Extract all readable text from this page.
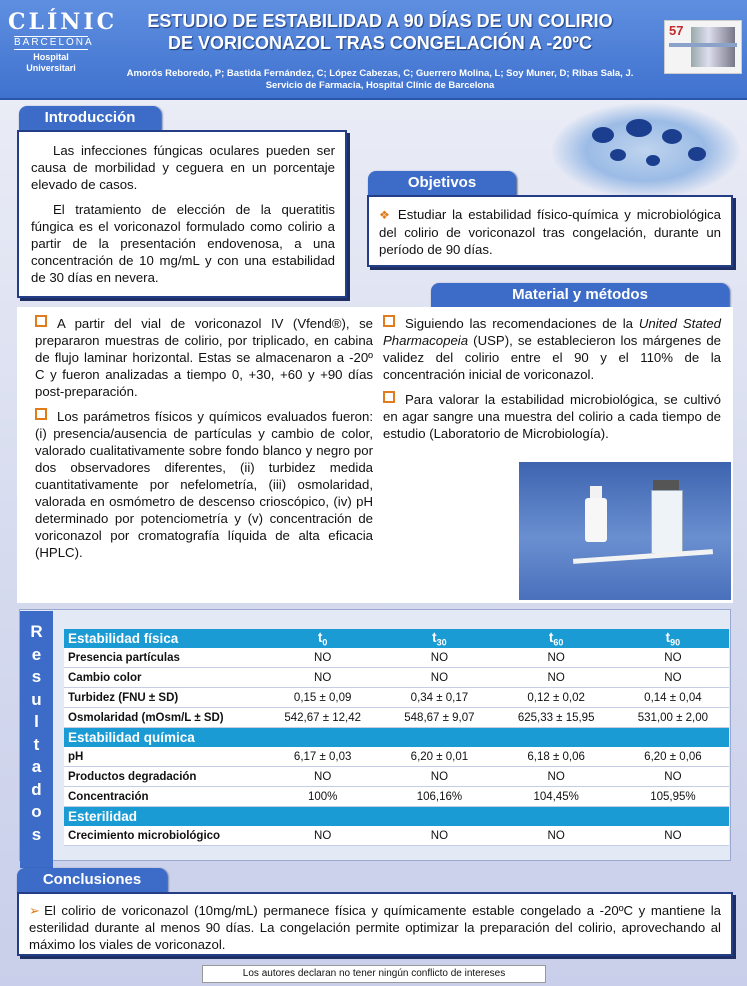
CLÍNIC
BARCELONA
Hospital Universitari
ESTUDIO DE ESTABILIDAD A 90 DÍAS DE UN COLIRIO
DE VORICONAZOL TRAS CONGELACIÓN A -20ºC
Amorós Reboredo, P; Bastida Fernández, C; López Cabezas, C; Guerrero Molina, L; Soy Muner, D; Ribas Sala, J.
Servicio de Farmacia, Hospital Clínic de Barcelona
57
Introducción

Las infecciones fúngicas oculares pueden ser causa de morbilidad y ceguera en un porcentaje elevado de casos.

El tratamiento de elección de la queratitis fúngica es el voriconazol formulado como colirio a partir de la presentación endovenosa, a una concentración de 10 mg/mL y con una estabilidad de 30 días en nevera.

Objetivos
❖ Estudiar la estabilidad físico-química y microbiológica del colirio de voriconazol tras congelación, durante un período de 90 días.
Material y métodos

A partir del vial de voriconazol IV (Vfend®), se prepararon muestras de colirio, por triplicado, en cabina de flujo laminar horizontal. Estas se almacenaron a -20º C y fueron analizadas a tiempo 0, +30, +60 y +90 días post-preparación.

Los parámetros físicos y químicos evaluados fueron: (i) presencia/ausencia de partículas y cambio de color, valorado cualitativamente sobre fondo blanco y negro por dos observadores diferentes, (ii) turbidez medida cuantitativamente por nefelometría, (iii) osmolaridad, valorada en osmómetro de descenso crioscópico, (iv) pH determinado por potenciometría y (v) concentración de voriconazol por cromatografía líquida de alta eficacia (HPLC).

Siguiendo las recomendaciones de la United Stated Pharmacopeia (USP), se establecieron los márgenes de validez del colirio entre el 90 y el 110% de la concentración inicial de voriconazol.

Para valorar la estabilidad microbiológica, se cultivó en agar sangre una muestra del colirio a cada tiempo de estudio (Laboratorio de Microbiología).

R
e
s
u
l
t
a
d
o
s
Estabilidad física	$t_0$	$t_{30}$	$t_{60}$	$t_{90}$
Presencia partículas	NO	NO	NO	NO
Cambio color	NO	NO	NO	NO
Turbidez (FNU ± SD)	0,15 ± 0,09	0,34 ± 0,17	0,12 ± 0,02	0,14 ± 0,04
Osmolaridad (mOsm/L ± SD)	542,67 ± 12,42	548,67 ± 9,07	625,33 ± 15,95	531,00 ± 2,00
Estabilidad química				
pH	6,17 ± 0,03	6,20 ± 0,01	6,18 ± 0,06	6,20 ± 0,06
Productos degradación	NO	NO	NO	NO
Concentración	100%	106,16%	104,45%	105,95%
Esterilidad				
Crecimiento microbiológico	NO	NO	NO	NO
Conclusiones
➢ El colirio de voriconazol (10mg/mL) permanece física y químicamente estable congelado a -20ºC y mantiene la esterilidad durante al menos 90 días. La congelación permite optimizar la preparación del colirio, aprovechando al máximo los viales de voriconazol.
Los autores declaran no tener ningún conflicto de intereses
